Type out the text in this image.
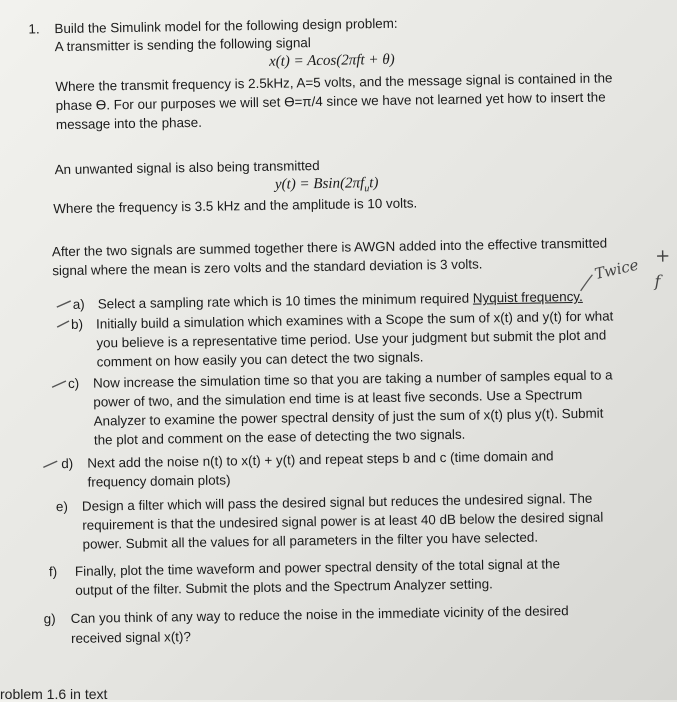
1. Build the Simulink model for the following design problem:
A transmitter is sending the following signal
x(t) = Acos(2πft + θ)
Where the transmit frequency is 2.5kHz, A=5 volts, and the message signal is contained in the
phase ϴ. For our purposes we will set ϴ=π/4 since we have not learned yet how to insert the
message into the phase.
An unwanted signal is also being transmitted
$y(t) = Bsin(2\pi f_ut)$
Where the frequency is 3.5 kHz and the amplitude is 10 volts.
After the two signals are summed together there is AWGN added into the effective transmitted
signal where the mean is zero volts and the standard deviation is 3 volts.
a) Select a sampling rate which is 10 times the minimum required Nyquist frequency.
b) Initially build a simulation which examines with a Scope the sum of x(t) and y(t) for what
you believe is a representative time period. Use your judgment but submit the plot and
comment on how easily you can detect the two signals.
c) Now increase the simulation time so that you are taking a number of samples equal to a
power of two, and the simulation end time is at least five seconds. Use a Spectrum
Analyzer to examine the power spectral density of just the sum of x(t) plus y(t). Submit
the plot and comment on the ease of detecting the two signals.
d) Next add the noise n(t) to x(t) + y(t) and repeat steps b and c (time domain and
frequency domain plots)
e) Design a filter which will pass the desired signal but reduces the undesired signal. The
requirement is that the undesired signal power is at least 40 dB below the desired signal
power. Submit all the values for all parameters in the filter you have selected.
f) Finally, plot the time waveform and power spectral density of the total signal at the
output of the filter. Submit the plots and the Spectrum Analyzer setting.
g) Can you think of any way to reduce the noise in the immediate vicinity of the desired
received signal x(t)?
Twice +
f
roblem 1.6 in text
